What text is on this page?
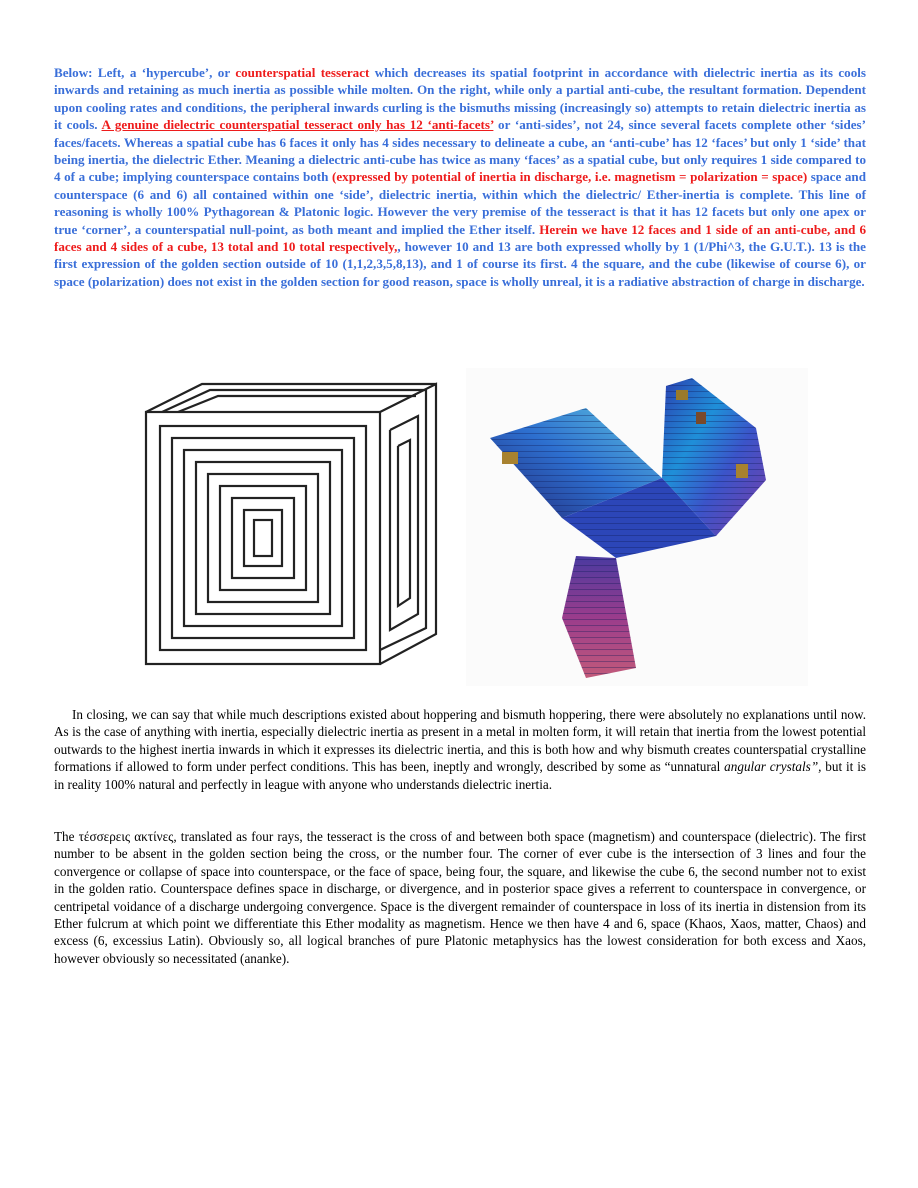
Below: Left, a ‘hypercube’, or counterspatial tesseract which decreases its spatial footprint in accordance with dielectric inertia as its cools inwards and retaining as much inertia as possible while molten. On the right, while only a partial anti-cube, the resultant formation. Dependent upon cooling rates and conditions, the peripheral inwards curling is the bismuths missing (increasingly so) attempts to retain dielectric inertia as it cools. A genuine dielectric counterspatial tesseract only has 12 ‘anti-facets’ or ‘anti-sides’, not 24, since several facets complete other ‘sides’ faces/facets. Whereas a spatial cube has 6 faces it only has 4 sides necessary to delineate a cube, an ‘anti-cube’ has 12 ‘faces’ but only 1 ‘side’ that being inertia, the dielectric Ether. Meaning a dielectric anti-cube has twice as many ‘faces’ as a spatial cube, but only requires 1 side compared to 4 of a cube; implying counterspace contains both (expressed by potential of inertia in discharge, i.e. magnetism = polarization = space) space and counterspace (6 and 6) all contained within one ‘side’, dielectric inertia, within which the dielectric/ Ether-inertia is complete. This line of reasoning is wholly 100% Pythagorean & Platonic logic. However the very premise of the tesseract is that it has 12 facets but only one apex or true ‘corner’, a counterspatial null-point, as both meant and implied the Ether itself. Herein we have 12 faces and 1 side of an anti-cube, and 6 faces and 4 sides of a cube, 13 total and 10 total respectively,, however 10 and 13 are both expressed wholly by 1 (1/Phi^3, the G.U.T.). 13 is the first expression of the golden section outside of 10 (1,1,2,3,5,8,13), and 1 of course its first. 4 the square, and the cube (likewise of course 6), or space (polarization) does not exist in the golden section for good reason, space is wholly unreal, it is a radiative abstraction of charge in discharge.
In closing, we can say that while much descriptions existed about hoppering and bismuth hoppering, there were absolutely no explanations until now. As is the case of anything with inertia, especially dielectric inertia as present in a metal in molten form, it will retain that inertia from the lowest potential outwards to the highest inertia inwards in which it expresses its dielectric inertia, and this is both how and why bismuth creates counterspatial crystalline formations if allowed to form under perfect conditions. This has been, ineptly and wrongly, described by some as “unnatural angular crystals”, but it is in reality 100% natural and perfectly in league with anyone who understands dielectric inertia.
The τέσσερεις ακτίνες, translated as four rays, the tesseract is the cross of and between both space (magnetism) and counterspace (dielectric). The first number to be absent in the golden section being the cross, or the number four. The corner of ever cube is the intersection of 3 lines and four the convergence or collapse of space into counterspace, or the face of space, being four, the square, and likewise the cube 6, the second number not to exist in the golden ratio. Counterspace defines space in discharge, or divergence, and in posterior space gives a referrent to counterspace in convergence, or centripetal voidance of a discharge undergoing convergence. Space is the divergent remainder of counterspace in loss of its inertia in distension from its Ether fulcrum at which point we differentiate this Ether modality as magnetism. Hence we then have 4 and 6, space (Khaos, Xaos, matter, Chaos) and excess (6, excessius Latin). Obviously so, all logical branches of pure Platonic metaphysics has the lowest consideration for both excess and Xaos, however obviously so necessitated (ananke).
